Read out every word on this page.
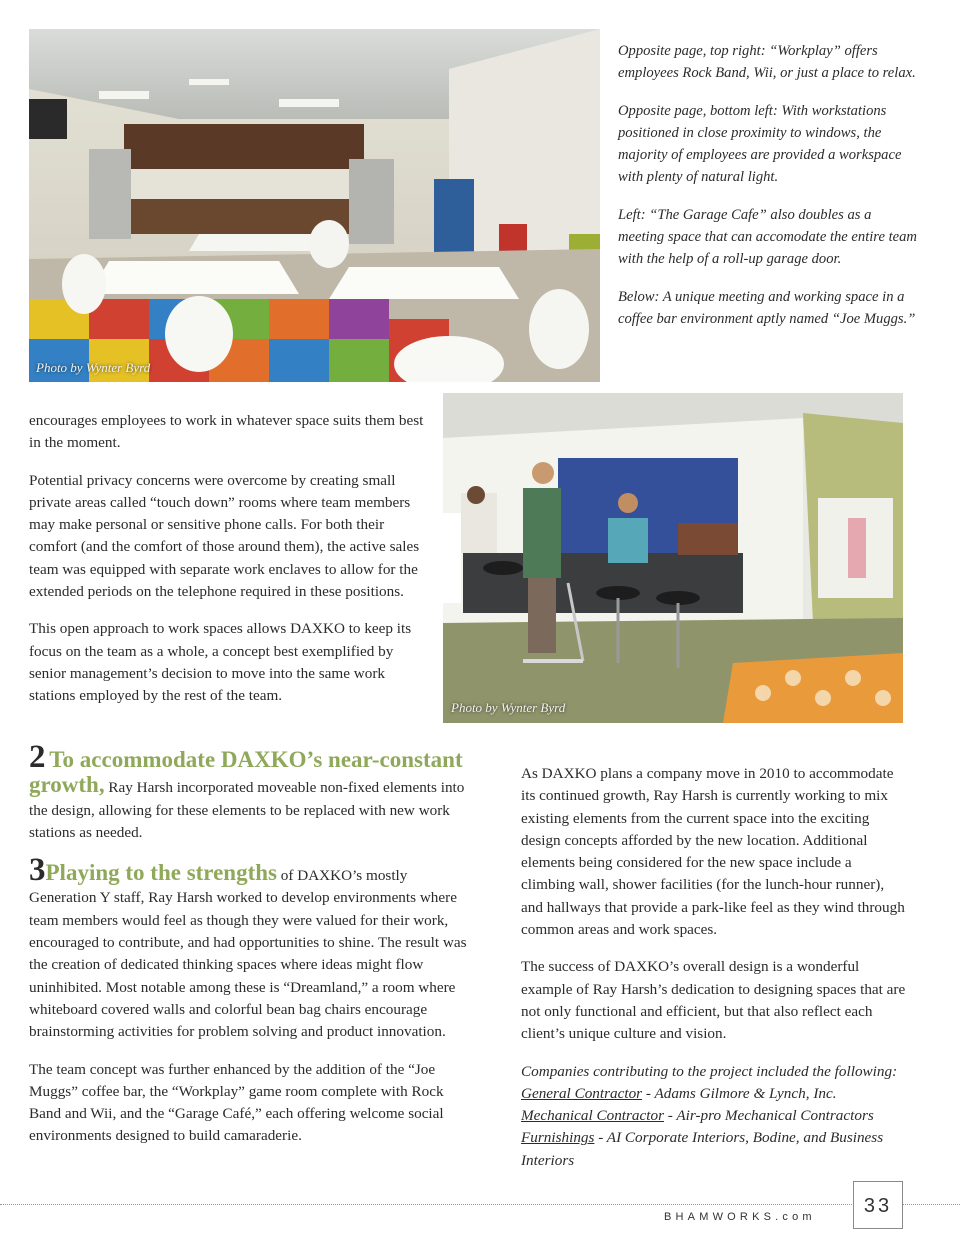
Photo by Wynter Byrd

Opposite page, top right: “Workplay” offers employees Rock Band, Wii, or just a place to relax.

Opposite page, bottom left: With workstations positioned in close proximity to windows, the majority of employees are provided a workspace with plenty of natural light.

Left: “The Garage Cafe” also doubles as a meeting space that can accomodate the entire team with the help of a roll-up garage door.

Below: A unique meeting and working space in a coffee bar environment aptly named “Joe Muggs.”

Photo by Wynter Byrd

encourages employees to work in whatever space suits them best in the moment.

Potential privacy concerns were overcome by creating small private areas called “touch down” rooms where team members may make personal or sensitive phone calls. For both their comfort (and the comfort of those around them), the active sales team was equipped with separate work enclaves to allow for the extended periods on the telephone required in these positions.

This open approach to work spaces allows DAXKO to keep its focus on the team as a whole, a concept best exemplified by senior management’s decision to move into the same work stations employed by the rest of the team.

2 To accommodate DAXKO’s near-constant growth, Ray Harsh incorporated moveable non-fixed elements into the design, allowing for these elements to be replaced with new work stations as needed.

3Playing to the strengths of DAXKO’s mostly Generation Y staff, Ray Harsh worked to develop environments where team members would feel as though they were valued for their work, encouraged to contribute, and had opportunities to shine. The result was the creation of dedicated thinking spaces where ideas might flow uninhibited. Most notable among these is “Dreamland,” a room where whiteboard covered walls and colorful bean bag chairs encourage brainstorming activities for problem solving and product innovation.

The team concept was further enhanced by the addition of the “Joe Muggs” coffee bar, the “Workplay” game room complete with Rock Band and Wii, and the “Garage Café,” each offering welcome social environments designed to build camaraderie.

As DAXKO plans a company move in 2010 to accommodate its continued growth, Ray Harsh is currently working to mix existing elements from the current space into the exciting design concepts afforded by the new location. Additional elements being considered for the new space include a climbing wall, shower facilities (for the lunch-hour runner), and hallways that provide a park-like feel as they wind through common areas and work spaces.

The success of DAXKO’s overall design is a wonderful example of Ray Harsh’s dedication to designing spaces that are not only functional and efficient, but that also reflect each client’s unique culture and vision.

Companies contributing to the project included the following:
General Contractor - Adams Gilmore & Lynch, Inc.
Mechanical Contractor - Air-pro Mechanical Contractors
Furnishings - AI Corporate Interiors, Bodine, and Business Interiors

BHAMWORKS.com	33
